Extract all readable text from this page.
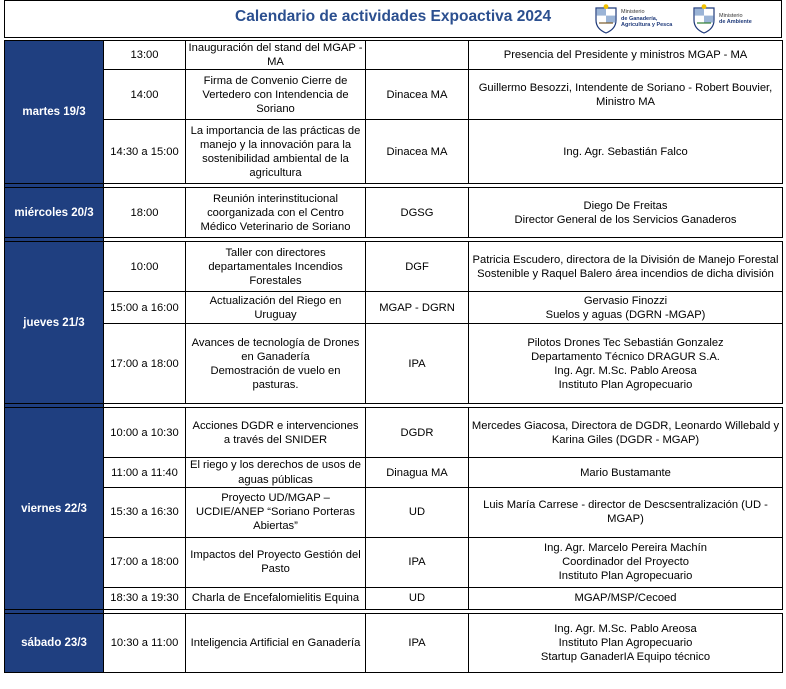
Calendario de actividades Expoactiva 2024	Ministerio
de Ganadería,
Agricultura y Pesca
Ministerio
de Ambiente
martes 19/3	13:00	Inauguración del stand del MGAP - MA		Presencia del Presidente y ministros MGAP - MA
	14:00	Firma de Convenio Cierre de Vertedero con Intendencia de Soriano	Dinacea MA	Guillermo Besozzi, Intendente de Soriano - Robert Bouvier, Ministro MA
	14:30 a 15:00	La importancia de las prácticas de manejo y la innovación para la sostenibilidad ambiental de la agricultura	Dinacea MA	Ing. Agr. Sebastián Falco

miércoles 20/3	18:00	Reunión interinstitucional coorganizada con el Centro Médico Veterinario de Soriano	DGSG	Diego De Freitas
Director General de los Servicios Ganaderos

jueves 21/3	10:00	Taller con directores departamentales Incendios Forestales	DGF	Patricia Escudero, directora de la División de Manejo Forestal Sostenible y Raquel Balero área incendios de dicha división
	15:00 a 16:00	Actualización del Riego en Uruguay	MGAP - DGRN	Gervasio Finozzi
Suelos y aguas (DGRN -MGAP)
	17:00 a 18:00	Avances de tecnología de Drones en Ganadería
Demostración de vuelo en pasturas.	IPA	Pilotos Drones Tec Sebastián Gonzalez
Departamento Técnico DRAGUR S.A.
Ing. Agr. M.Sc. Pablo Areosa
Instituto Plan Agropecuario

viernes 22/3	10:00 a 10:30	Acciones DGDR e intervenciones a través del SNIDER	DGDR	Mercedes Giacosa, Directora de DGDR, Leonardo Willebald y Karina Giles (DGDR - MGAP)
	11:00 a 11:40	El riego y los derechos de usos de aguas públicas	Dinagua MA	Mario Bustamante
	15:30 a 16:30	Proyecto UD/MGAP – UCDIE/ANEP “Soriano Porteras Abiertas”	UD	Luis María Carrese - director de Descsentralización (UD - MGAP)
	17:00 a 18:00	Impactos del Proyecto Gestión del Pasto	IPA	Ing. Agr. Marcelo Pereira Machín
Coordinador del Proyecto
Instituto Plan Agropecuario
	18:30 a 19:30	Charla de Encefalomielitis Equina	UD	MGAP/MSP/Cecoed

sábado 23/3	10:30 a 11:00	Inteligencia Artificial en Ganadería	IPA	Ing. Agr. M.Sc. Pablo Areosa
Instituto Plan Agropecuario
Startup GanaderIA Equipo técnico
